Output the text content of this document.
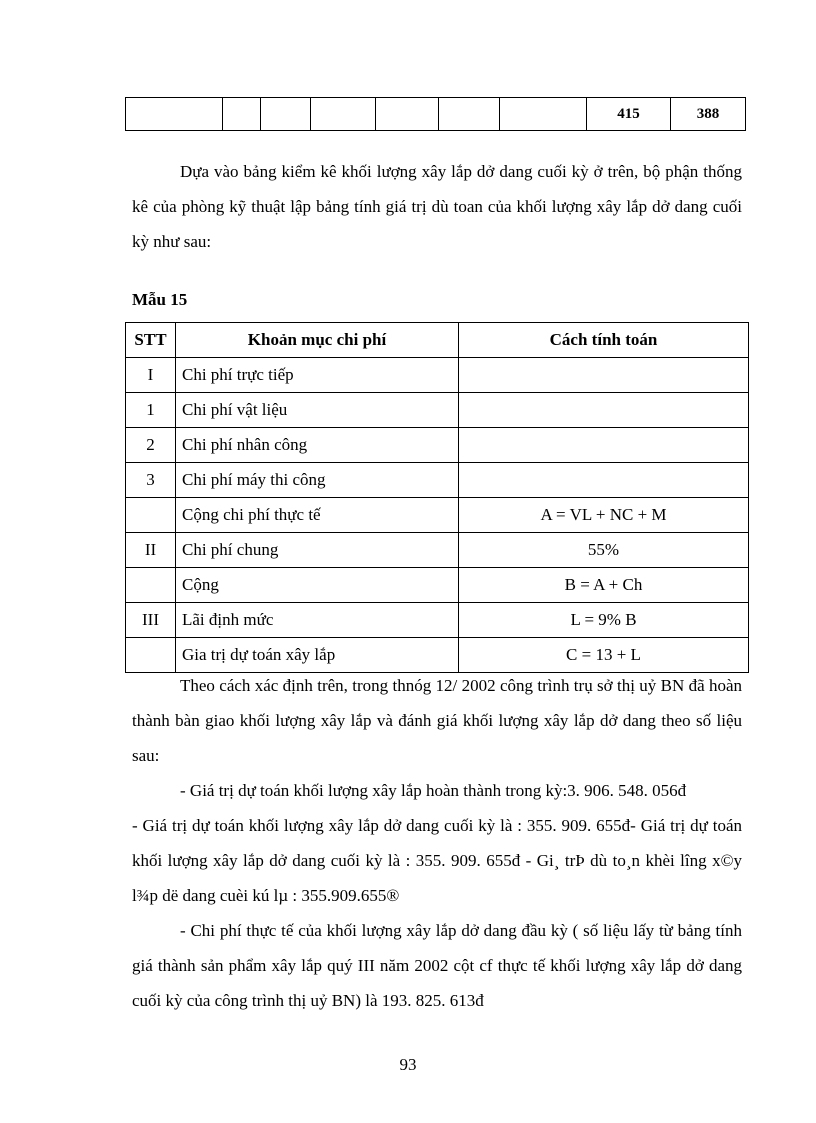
							415	388

Dựa vào bảng kiểm kê khối lượng xây lắp dở dang cuối kỳ ở trên, bộ phận thống kê của phòng kỹ thuật lập bảng tính giá trị dù toan của khối lượng xây lắp dở dang cuối kỳ như sau:

Mẫu 15

STT	Khoản mục chi phí	Cách tính toán
I	Chi phí trực tiếp	
1	Chi phí vật liệu	
2	Chi phí nhân công	
3	Chi phí máy thi công	
	Cộng chi phí thực tế	A = VL + NC + M
II	Chi phí chung	55%
	Cộng	B = A + Ch
III	Lãi định mức	L = 9% B
	Gia trị dự toán xây lắp	C = 13 + L

Theo cách xác định trên, trong thnóg 12/ 2002 công trình trụ sở thị uỷ BN đã hoàn thành bàn giao khối lượng xây lắp và đánh giá khối lượng xây lắp dở dang theo số liệu sau:

- Giá trị dự toán khối lượng xây lắp hoàn thành trong kỳ:3. 906. 548. 056đ

- Giá trị dự toán khối lượng xây lắp dở dang cuối kỳ là : 355. 909. 655đ- Giá trị dự toán khối lượng xây lắp dở dang cuối kỳ là : 355. 909. 655đ - Gi¸ trÞ dù to¸n khèi lîng x©y l¾p dë dang cuèi kú lµ : 355.909.655®

- Chi phí thực tế của khối lượng xây lắp dở dang đầu kỳ ( số liệu lấy từ bảng tính giá thành sản phẩm xây lắp quý III năm 2002 cột cf thực tế khối lượng xây lắp dở dang cuối kỳ của công trình thị uỷ BN) là 193. 825. 613đ

93
